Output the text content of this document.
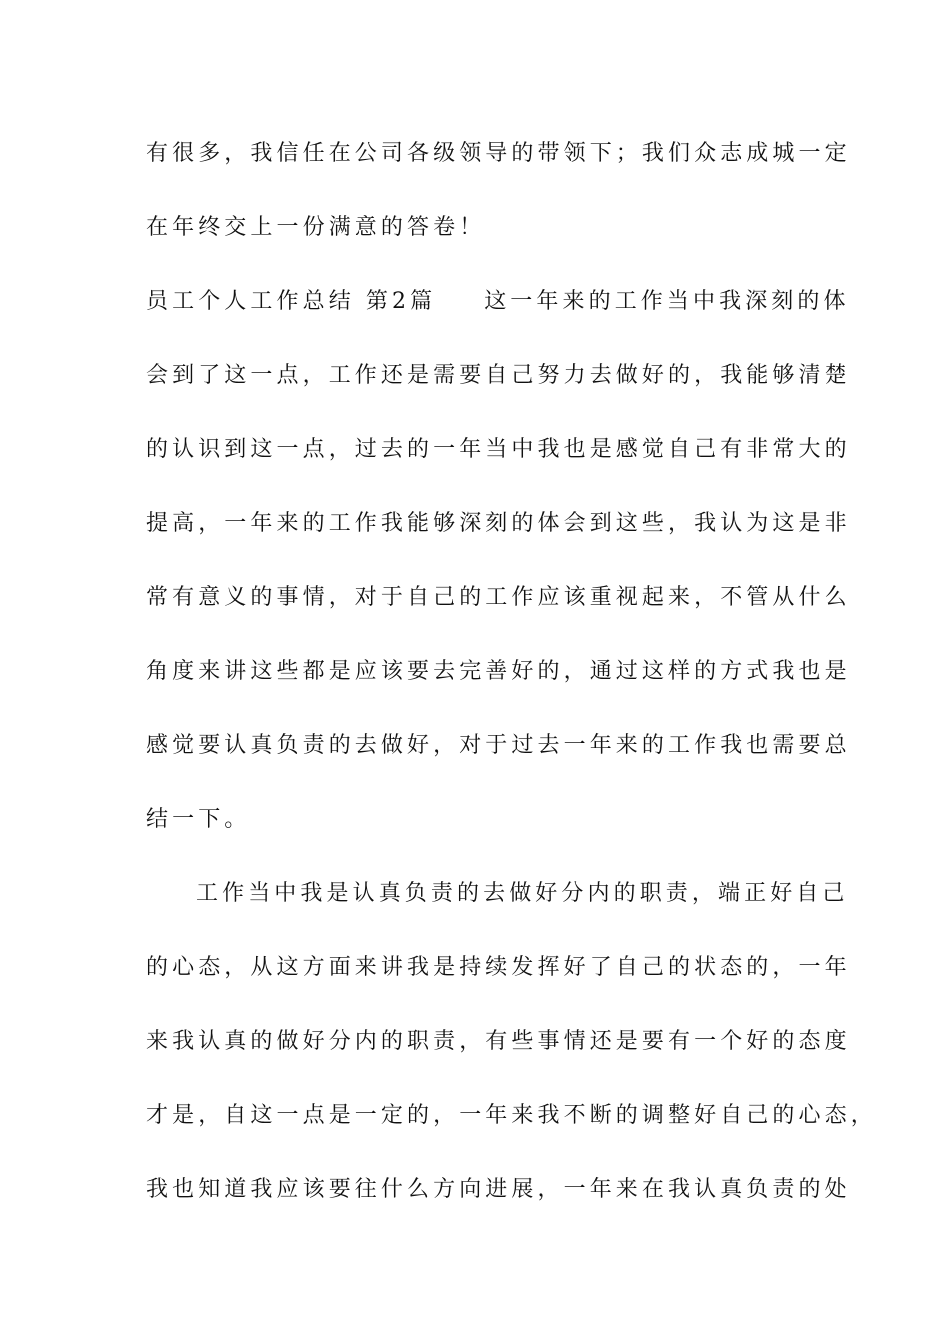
有很多，我信任在公司各级领导的带领下；我们众志成城一定
在年终交上一份满意的答卷！
员工个人工作总结 第2篇 这一年来的工作当中我深刻的体
会到了这一点，工作还是需要自己努力去做好的，我能够清楚
的认识到这一点，过去的一年当中我也是感觉自己有非常大的
提高，一年来的工作我能够深刻的体会到这些，我认为这是非
常有意义的事情，对于自己的工作应该重视起来，不管从什么
角度来讲这些都是应该要去完善好的，通过这样的方式我也是
感觉要认真负责的去做好，对于过去一年来的工作我也需要总
结一下。
工作当中我是认真负责的去做好分内的职责，端正好自己
的心态，从这方面来讲我是持续发挥好了自己的状态的，一年
来我认真的做好分内的职责，有些事情还是要有一个好的态度
才是，自这一点是一定的，一年来我不断的调整好自己的心态，
我也知道我应该要往什么方向进展，一年来在我认真负责的处
